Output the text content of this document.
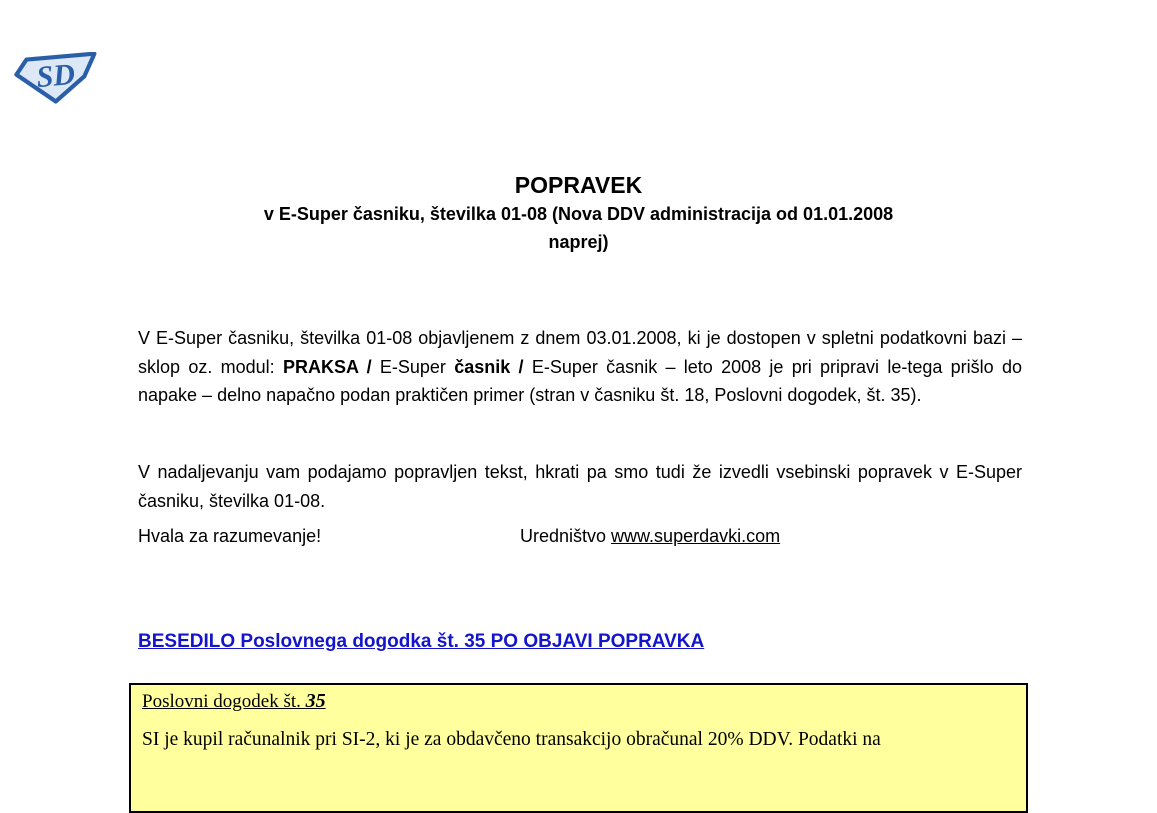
SD
POPRAVEK
v E-Super časniku, številka 01-08 (Nova DDV administracija od 01.01.2008
naprej)

V E-Super časniku, številka 01-08 objavljenem z dnem 03.01.2008, ki je dostopen v spletni podatkovni bazi – sklop oz. modul: PRAKSA / E-Super časnik / E-Super časnik – leto 2008 je pri pripravi le-tega prišlo do napake – delno napačno podan praktičen primer (stran v časniku št. 18, Poslovni dogodek, št. 35).

V nadaljevanju vam podajamo popravljen tekst, hkrati pa smo tudi že izvedli vsebinski popravek v E-Super časniku, številka 01-08.

Hvala za razumevanje!	Uredništvo www.superdavki.com
BESEDILO Poslovnega dogodka št. 35 PO OBJAVI POPRAVKA
Poslovni dogodek št. 35
SI je kupil računalnik pri SI-2, ki je za obdavčeno transakcijo obračunal 20% DDV. Podatki na
